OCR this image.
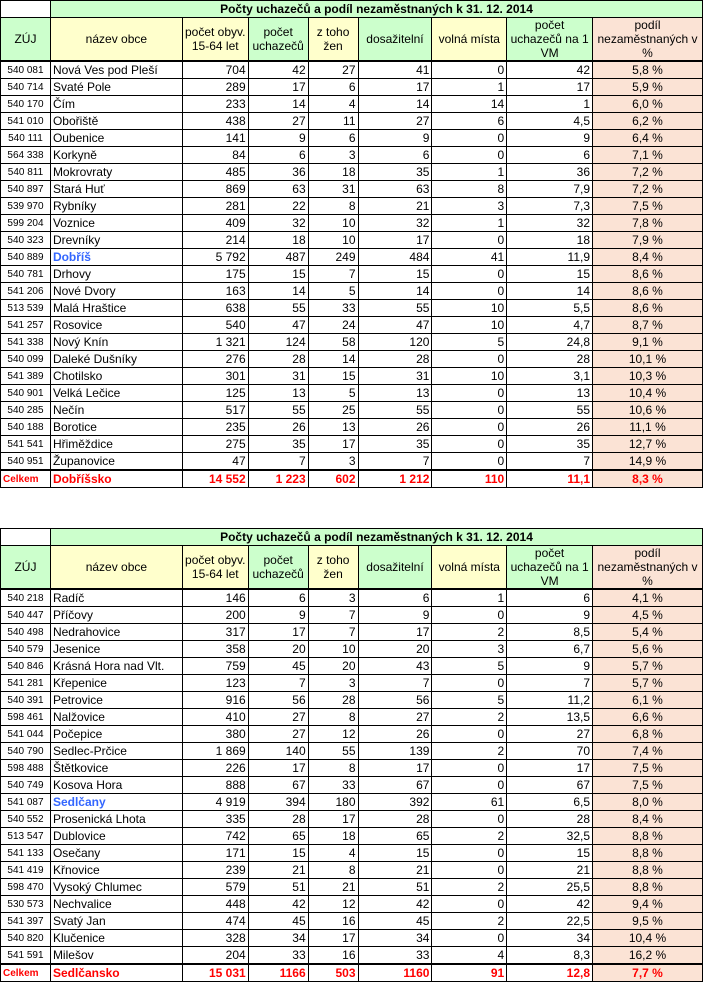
	Počty uchazečů a podíl nezaměstnaných k 31. 12. 2014							
ZÚJ	název obce	počet obyv. 15-64 let	počet uchazečů	z toho žen	dosažitelní	volná místa	počet uchazečů na 1 VM	podíl nezaměstnaných v %
540 081	Nová Ves pod Pleší	704	42	27	41	0	42	5,8 %
540 714	Svaté Pole	289	17	6	17	1	17	5,9 %
540 170	Čím	233	14	4	14	14	1	6,0 %
541 010	Obořiště	438	27	11	27	6	4,5	6,2 %
540 111	Oubenice	141	9	6	9	0	9	6,4 %
564 338	Korkyně	84	6	3	6	0	6	7,1 %
540 811	Mokrovraty	485	36	18	35	1	36	7,2 %
540 897	Stará Huť	869	63	31	63	8	7,9	7,2 %
539 970	Rybníky	281	22	8	21	3	7,3	7,5 %
599 204	Voznice	409	32	10	32	1	32	7,8 %
540 323	Drevníky	214	18	10	17	0	18	7,9 %
540 889	Dobříš	5 792	487	249	484	41	11,9	8,4 %
540 781	Drhovy	175	15	7	15	0	15	8,6 %
541 206	Nové Dvory	163	14	5	14	0	14	8,6 %
513 539	Malá Hraštice	638	55	33	55	10	5,5	8,6 %
541 257	Rosovice	540	47	24	47	10	4,7	8,7 %
541 338	Nový Knín	1 321	124	58	120	5	24,8	9,1 %
540 099	Daleké Dušníky	276	28	14	28	0	28	10,1 %
541 389	Chotilsko	301	31	15	31	10	3,1	10,3 %
540 901	Velká Lečice	125	13	5	13	0	13	10,4 %
540 285	Nečín	517	55	25	55	0	55	10,6 %
540 188	Borotice	235	26	13	26	0	26	11,1 %
541 541	Hřiměždice	275	35	17	35	0	35	12,7 %
540 951	Županovice	47	7	3	7	0	7	14,9 %
Celkem	Dobříšsko	14 552	1 223	602	1 212	110	11,1	8,3 %
	Počty uchazečů a podíl nezaměstnaných k 31. 12. 2014							
ZÚJ	název obce	počet obyv. 15-64 let	počet uchazečů	z toho žen	dosažitelní	volná místa	počet uchazečů na 1 VM	podíl nezaměstnaných v %
540 218	Radíč	146	6	3	6	1	6	4,1 %
540 447	Příčovy	200	9	7	9	0	9	4,5 %
540 498	Nedrahovice	317	17	7	17	2	8,5	5,4 %
540 579	Jesenice	358	20	10	20	3	6,7	5,6 %
540 846	Krásná Hora nad Vlt.	759	45	20	43	5	9	5,7 %
541 281	Křepenice	123	7	3	7	0	7	5,7 %
540 391	Petrovice	916	56	28	56	5	11,2	6,1 %
598 461	Nalžovice	410	27	8	27	2	13,5	6,6 %
541 044	Počepice	380	27	12	26	0	27	6,8 %
540 790	Sedlec-Prčice	1 869	140	55	139	2	70	7,4 %
598 488	Štětkovice	226	17	8	17	0	17	7,5 %
540 749	Kosova Hora	888	67	33	67	0	67	7,5 %
541 087	Sedlčany	4 919	394	180	392	61	6,5	8,0 %
540 552	Prosenická Lhota	335	28	17	28	0	28	8,4 %
513 547	Dublovice	742	65	18	65	2	32,5	8,8 %
541 133	Osečany	171	15	4	15	0	15	8,8 %
541 419	Křnovice	239	21	8	21	0	21	8,8 %
598 470	Vysoký Chlumec	579	51	21	51	2	25,5	8,8 %
530 573	Nechvalice	448	42	12	42	0	42	9,4 %
541 397	Svatý Jan	474	45	16	45	2	22,5	9,5 %
540 820	Klučenice	328	34	17	34	0	34	10,4 %
541 591	Milešov	204	33	16	33	4	8,3	16,2 %
Celkem	Sedlčansko	15 031	1166	503	1160	91	12,8	7,7 %
